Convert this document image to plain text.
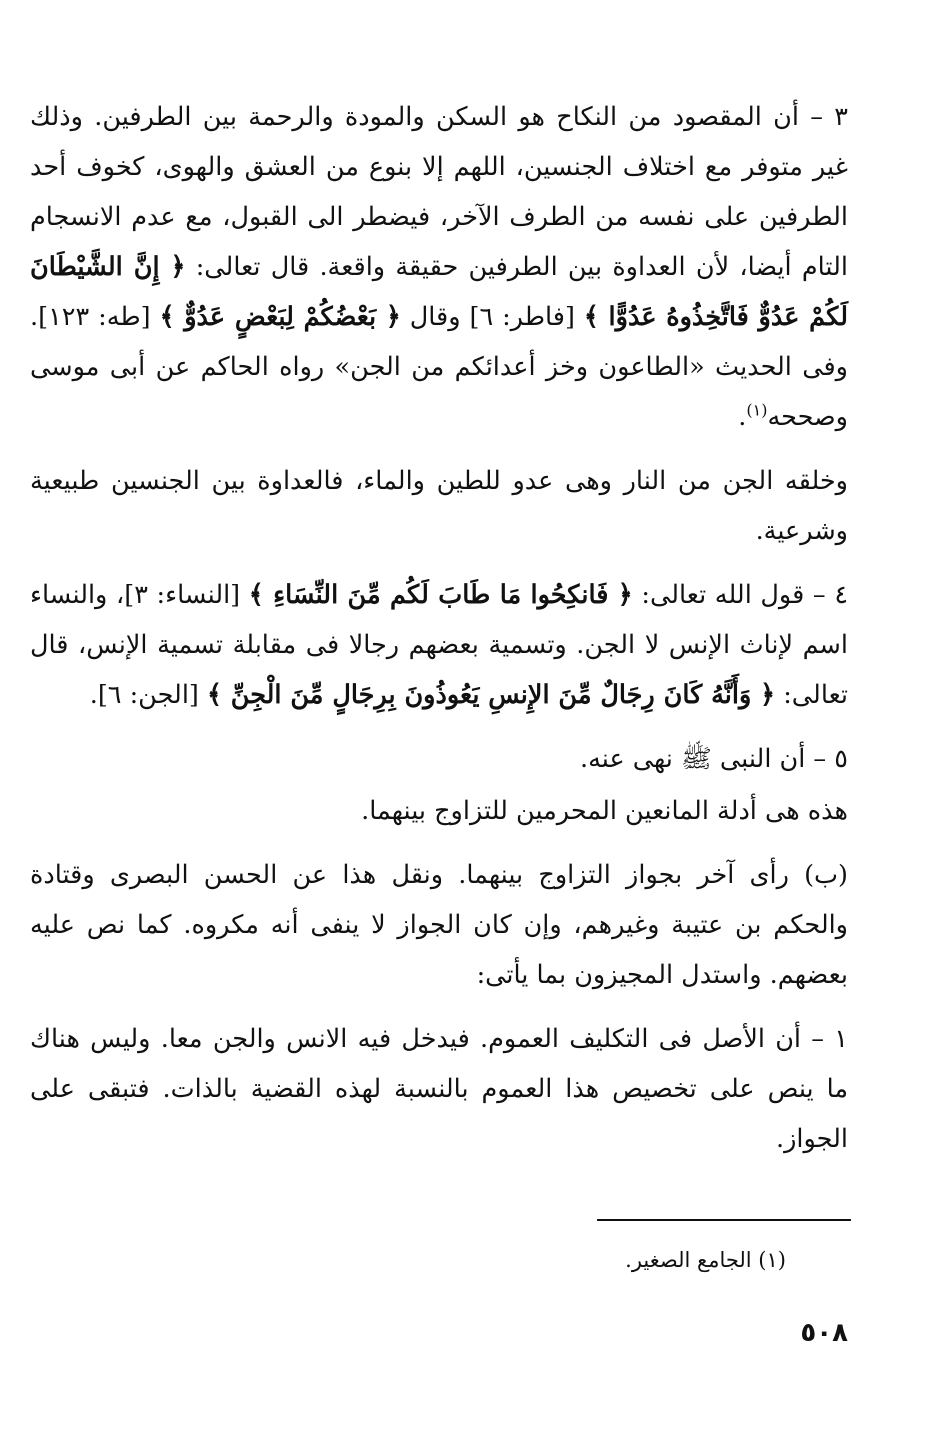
٣ – أن المقصود من النكاح هو السكن والمودة والرحمة بين الطرفين. وذلك غير متوفر مع اختلاف الجنسين، اللهم إلا بنوع من العشق والهوى، كخوف أحد الطرفين على نفسه من الطرف الآخر، فيضطر الى القبول، مع عدم الانسجام التام أيضا، لأن العداوة بين الطرفين حقيقة واقعة. قال تعالى: ﴿ إِنَّ الشَّيْطَانَ لَكُمْ عَدُوٌّ فَاتَّخِذُوهُ عَدُوًّا ﴾ [فاطر: ٦] وقال ﴿ بَعْضُكُمْ لِبَعْضٍ عَدُوٌّ ﴾ [طه: ١٢٣]. وفى الحديث «الطاعون وخز أعدائكم من الجن» رواه الحاكم عن أبى موسى وصححه$^{(١)}$.

وخلقه الجن من النار وهى عدو للطين والماء، فالعداوة بين الجنسين طبيعية وشرعية.

٤ – قول الله تعالى: ﴿ فَانكِحُوا مَا طَابَ لَكُم مِّنَ النِّسَاءِ ﴾ [النساء: ٣]، والنساء اسم لإناث الإنس لا الجن. وتسمية بعضهم رجالا فى مقابلة تسمية الإنس، قال تعالى: ﴿ وَأَنَّهُ كَانَ رِجَالٌ مِّنَ الإِنسِ يَعُوذُونَ بِرِجَالٍ مِّنَ الْجِنِّ ﴾ [الجن: ٦].

٥ – أن النبى ﷺ نهى عنه.

هذه هى أدلة المانعين المحرمين للتزاوج بينهما.

(ب) رأى آخر بجواز التزاوج بينهما. ونقل هذا عن الحسن البصرى وقتادة والحكم بن عتيبة وغيرهم، وإن كان الجواز لا ينفى أنه مكروه. كما نص عليه بعضهم. واستدل المجيزون بما يأتى:

١ – أن الأصل فى التكليف العموم. فيدخل فيه الانس والجن معا. وليس هناك ما ينص على تخصيص هذا العموم بالنسبة لهذه القضية بالذات. فتبقى على الجواز.

(١) الجامع الصغير.
٥٠٨
